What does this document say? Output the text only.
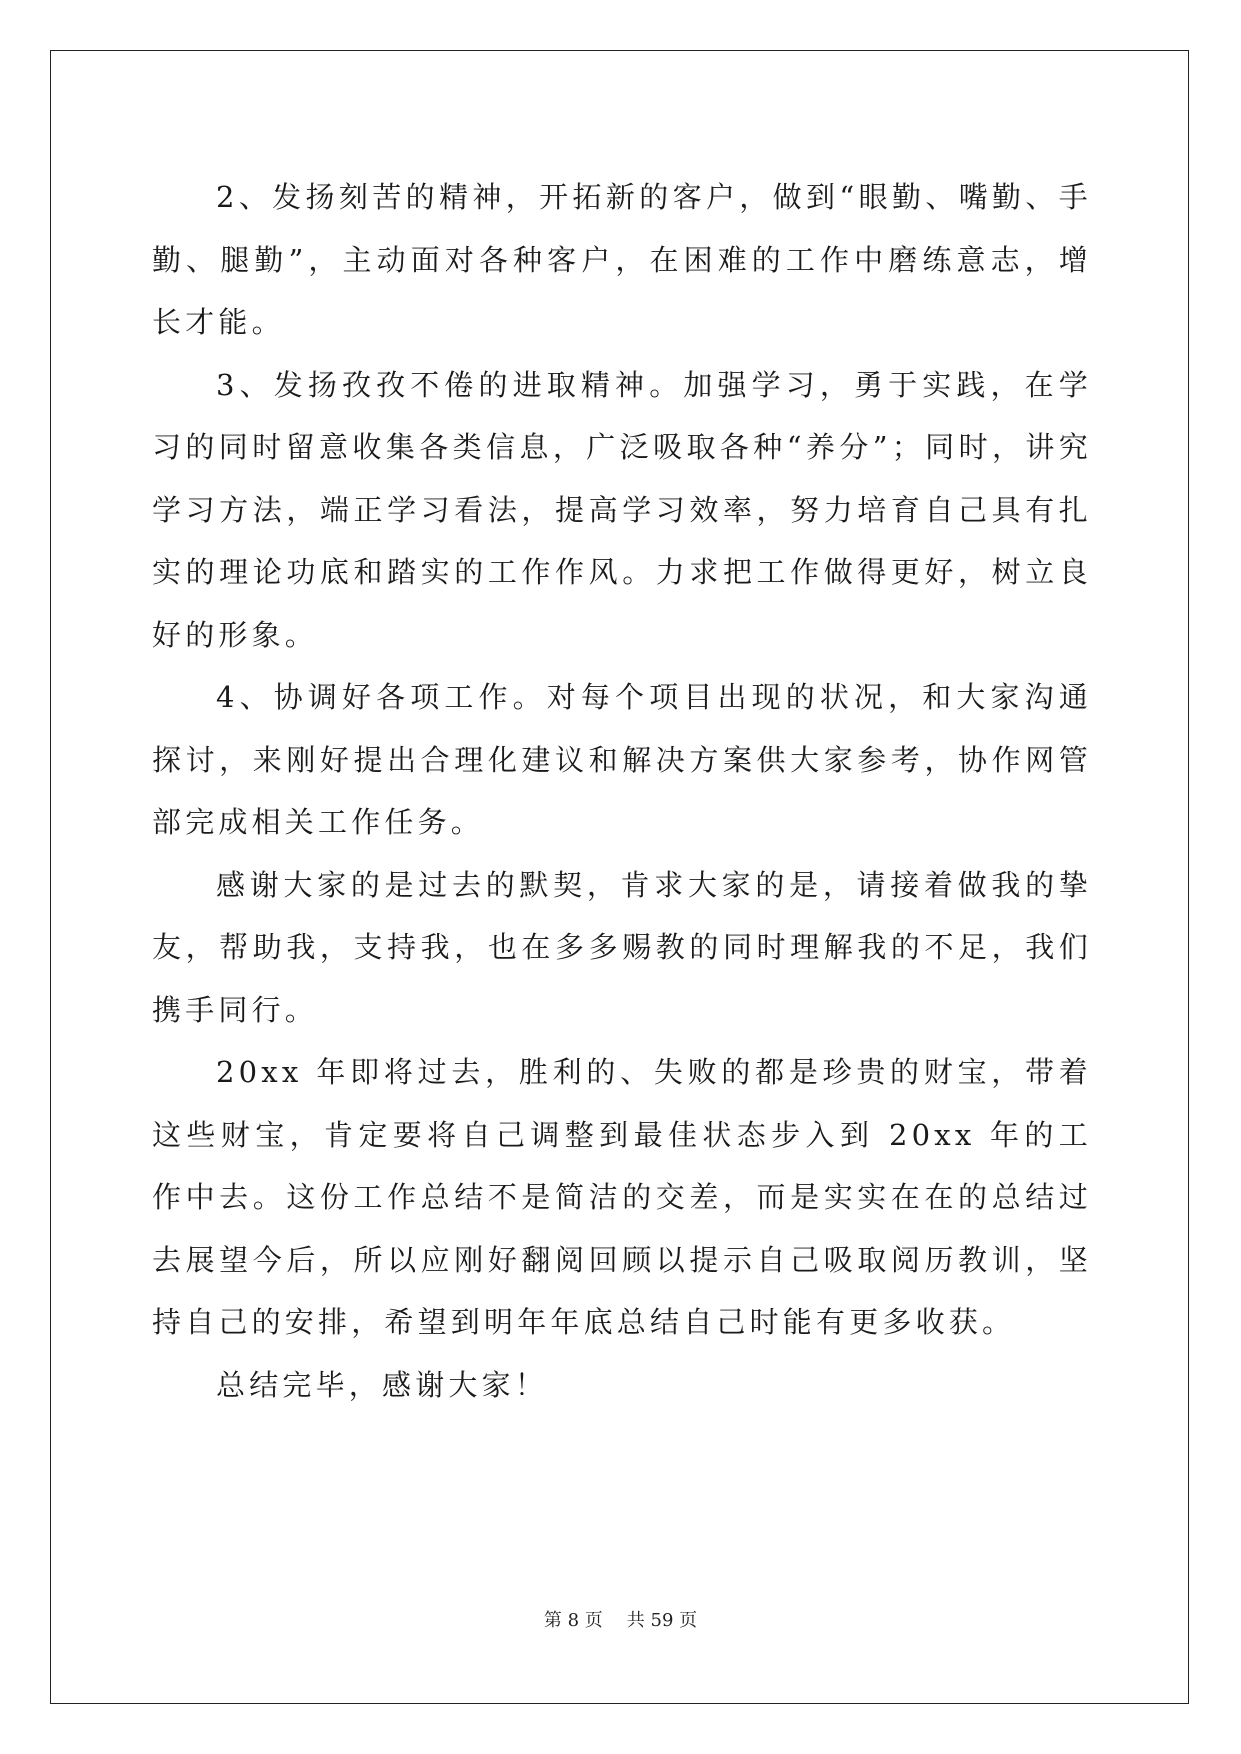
2、发扬刻苦的精神，开拓新的客户，做到“眼勤、嘴勤、手勤、腿勤”，主动面对各种客户，在困难的工作中磨练意志，增长才能。

3、发扬孜孜不倦的进取精神。加强学习，勇于实践，在学习的同时留意收集各类信息，广泛吸取各种“养分”；同时，讲究学习方法，端正学习看法，提高学习效率，努力培育自己具有扎实的理论功底和踏实的工作作风。力求把工作做得更好，树立良好的形象。

4、协调好各项工作。对每个项目出现的状况，和大家沟通探讨，来刚好提出合理化建议和解决方案供大家参考，协作网管部完成相关工作任务。

感谢大家的是过去的默契，肯求大家的是，请接着做我的挚友，帮助我，支持我，也在多多赐教的同时理解我的不足，我们携手同行。

20xx 年即将过去，胜利的、失败的都是珍贵的财宝，带着这些财宝，肯定要将自己调整到最佳状态步入到 20xx 年的工作中去。这份工作总结不是简洁的交差，而是实实在在的总结过去展望今后，所以应刚好翻阅回顾以提示自己吸取阅历教训，坚持自己的安排，希望到明年年底总结自己时能有更多收获。

总结完毕，感谢大家！

第 8 页 共 59 页
